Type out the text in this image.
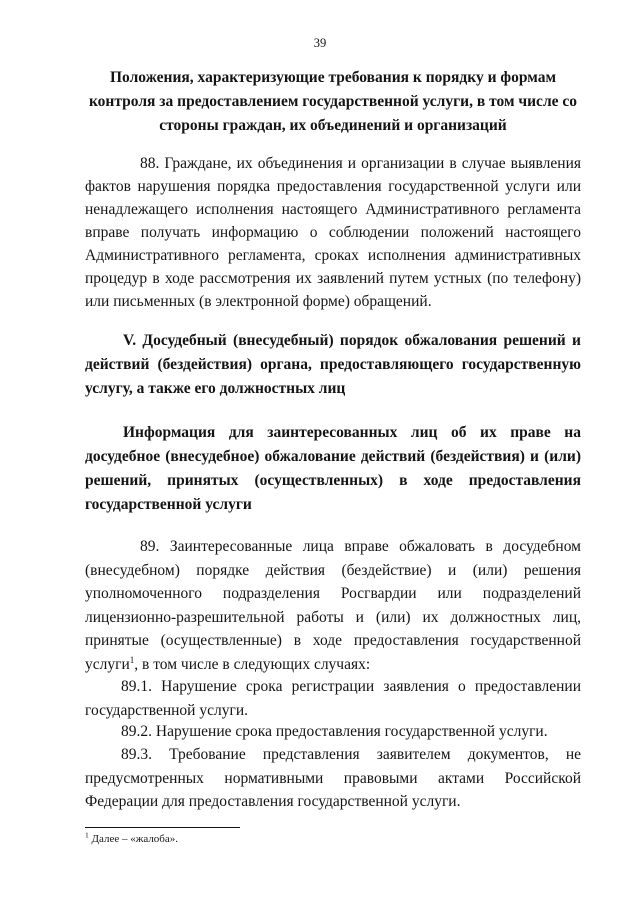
39

Положения, характеризующие требования к порядку и формам контроля за предоставлением государственной услуги, в том числе со стороны граждан, их объединений и организаций

88. Граждане, их объединения и организации в случае выявления фактов нарушения порядка предоставления государственной услуги или ненадлежащего исполнения настоящего Административного регламента вправе получать информацию о соблюдении положений настоящего Административного регламента, сроках исполнения административных процедур в ходе рассмотрения их заявлений путем устных (по телефону) или письменных (в электронной форме) обращений.

V. Досудебный (внесудебный) порядок обжалования решений и действий (бездействия) органа, предоставляющего государственную услугу, а также его должностных лиц

Информация для заинтересованных лиц об их праве на досудебное (внесудебное) обжалование действий (бездействия) и (или) решений, принятых (осуществленных) в ходе предоставления государственной услуги

89. Заинтересованные лица вправе обжаловать в досудебном (внесудебном) порядке действия (бездействие) и (или) решения уполномоченного подразделения Росгвардии или подразделений лицензионно-разрешительной работы и (или) их должностных лиц, принятые (осуществленные) в ходе предоставления государственной услуги$^1$, в том числе в следующих случаях:

89.1. Нарушение срока регистрации заявления о предоставлении государственной услуги.

89.2. Нарушение срока предоставления государственной услуги.

89.3. Требование представления заявителем документов, не предусмотренных нормативными правовыми актами Российской Федерации для предоставления государственной услуги.

$^1$ Далее – «жалоба».
